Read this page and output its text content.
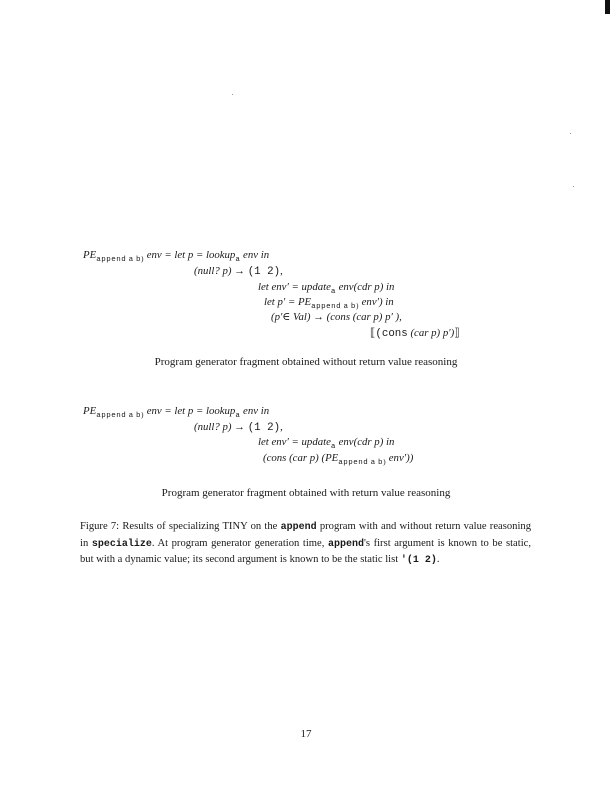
$PE_{append a b)}$ env = let p = lookup$_a$ env in
(null? p) → (1 2),
let env′ = update$_a$ env(cdr p) in
let $p' = PE_{append a b)}$ env′) in
(p′∈ Val) → (cons (car p) p′ ),
⟦(cons (car p) p′)⟧
Program generator fragment obtained without return value reasoning
$PE_{append a b)}$ env = let p = lookup$_a$ env in
(null? p) → (1 2),
let env′ = update$_a$ env(cdr p) in
(cons (car p) ($PE_{append a b)}$ env′))
Program generator fragment obtained with return value reasoning
Figure 7: Results of specializing TINY on the append program with and without return value reasoning in specialize. At program generator generation time, append's first argument is known to be static, but with a dynamic value; its second argument is known to be the static list '(1 2).
17
